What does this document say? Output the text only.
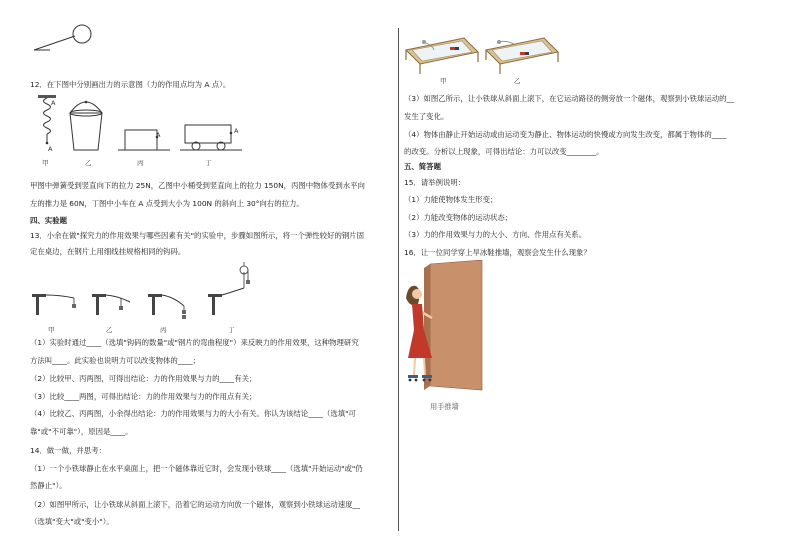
12．在下图中分别画出力的示意图（力的作用点均为 A 点）。
A
A
A	A
甲	乙	丙	丁
甲图中弹簧受到竖直向下的拉力 25N，乙图中小桶受到竖直向上的拉力 150N，丙图中物体受到水平向
左的推力是 60N，丁图中小车在 A 点受到大小为 100N 的斜向上 30°向右的拉力。
四、实验题
13．小余在做"探究力的作用效果与哪些因素有关"的实验中，步骤如图所示，将一个弹性较好的钢片固
定在桌边，在钢片上用细线挂规格相同的钩码。
甲	乙	丙	丁
（1）实验时通过____（选填"钩码的数量"或"钢片的弯曲程度"）来反映力的作用效果，这种物理研究
方法叫____。此实验也说明力可以改变物体的____；
（2）比较甲、丙两图，可得出结论：力的作用效果与力的____有关；
（3）比较____两图，可得出结论：力的作用效果与力的作用点有关；
（4）比较乙、丙两图，小余得出结论：力的作用效果与力的大小有关。你认为该结论____（选填"可
靠"或"不可靠"），原因是____。
14．做一做，并思考：
（1）一个小铁球静止在水平桌面上，把一个磁体靠近它时，会发现小铁球____（选填"开始运动"或"仍
然静止"）。
（2）如图甲所示，让小铁球从斜面上滚下，沿着它的运动方向放一个磁体，观察到小铁球运动速度__
（选填"变大"或"变小"）。
甲	乙
（3）如图乙所示，让小铁球从斜面上滚下，在它运动路径的侧旁放一个磁体，观察到小铁球运动的__
发生了变化。
（4）物体由静止开始运动或由运动变为静止、物体运动的快慢或方向发生改变，都属于物体的____
的改变。分析以上现象，可得出结论：力可以改变________。
五、简答题
15．请举例说明：
（1）力能使物体发生形变；
（2）力能改变物体的运动状态；
（3）力的作用效果与力的大小、方向、作用点有关系。
16．让一位同学穿上旱冰鞋推墙，观察会发生什么现象？
用手推墙
